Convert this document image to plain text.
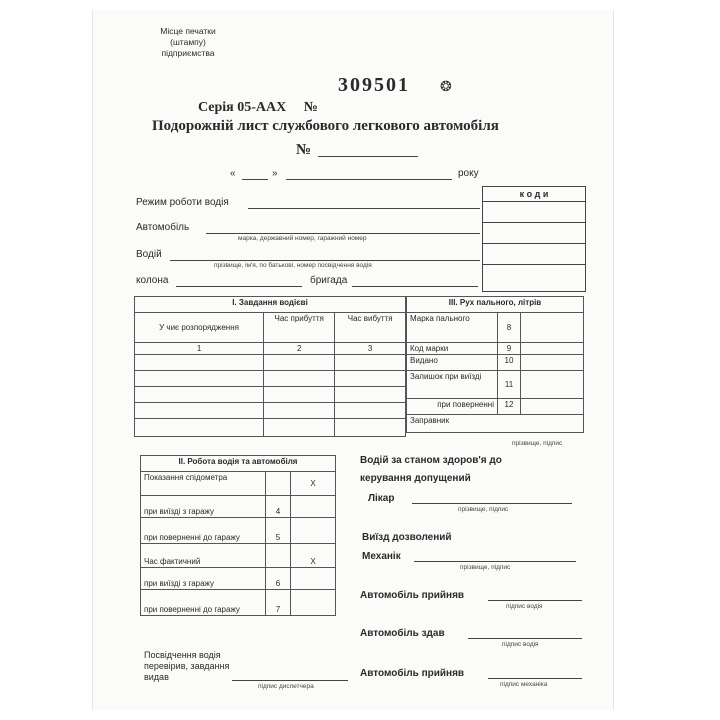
Місце печатки
(штампу)
підприємства
309501 ❂
Серія 05-ААХ №
Подорожній лист службового легкового автомобіля
№
«	»	року
к о д и
Режим роботи водія
Автомобіль
марка, державний номер, гаражний номер
Водій
прізвище, ім'я, по батькові, номер посвідчення водія
колона	бригада
І. Завдання водієві		
У чиє розпорядження	Час прибуття	Час вибуття
1	2	3

ІІІ. Рух пального, літрів		
Марка пального	8	
Код марки	9	
Видано	10	
Залишок при виїзді	11	
при поверненні	12	
Заправник		
прізвище, підпис
ІІ. Робота водія та автомобіля		
Показання спідометра		X
при виїзді з гаражу	4	
при поверненні до гаражу	5	
Час фактичний		X
при виїзді з гаражу	6	
при поверненні до гаражу	7	
Посвідчення водія перевірив, завдання видав
підпис диспетчера
Водій за станом здоров'я до керування допущений
Лікар
прізвище, підпис
Виїзд дозволений
Механік
прізвище, підпис
Автомобіль прийняв
підпис водія
Автомобіль здав
підпис водія
Автомобіль прийняв
підпис механіка
